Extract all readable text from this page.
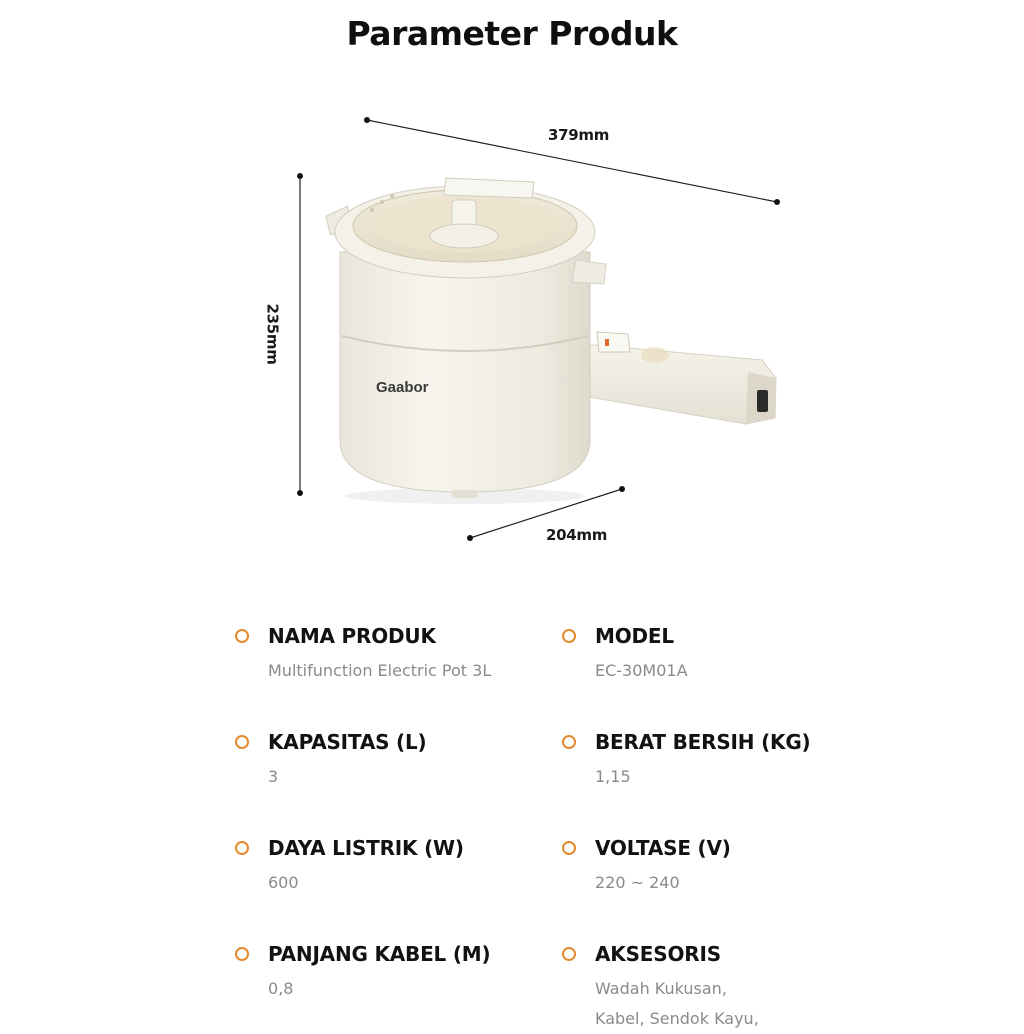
Parameter Produk
Gaabor
379mm
235mm
204mm
NAMA PRODUK
Multifunction Electric Pot 3L
MODEL
EC-30M01A
KAPASITAS (L)
3
BERAT BERSIH (KG)
1,15
DAYA LISTRIK (W)
600
VOLTASE (V)
220 ~ 240
PANJANG KABEL (M)
0,8
AKSESORIS
Wadah Kukusan,
Kabel, Sendok Kayu,
